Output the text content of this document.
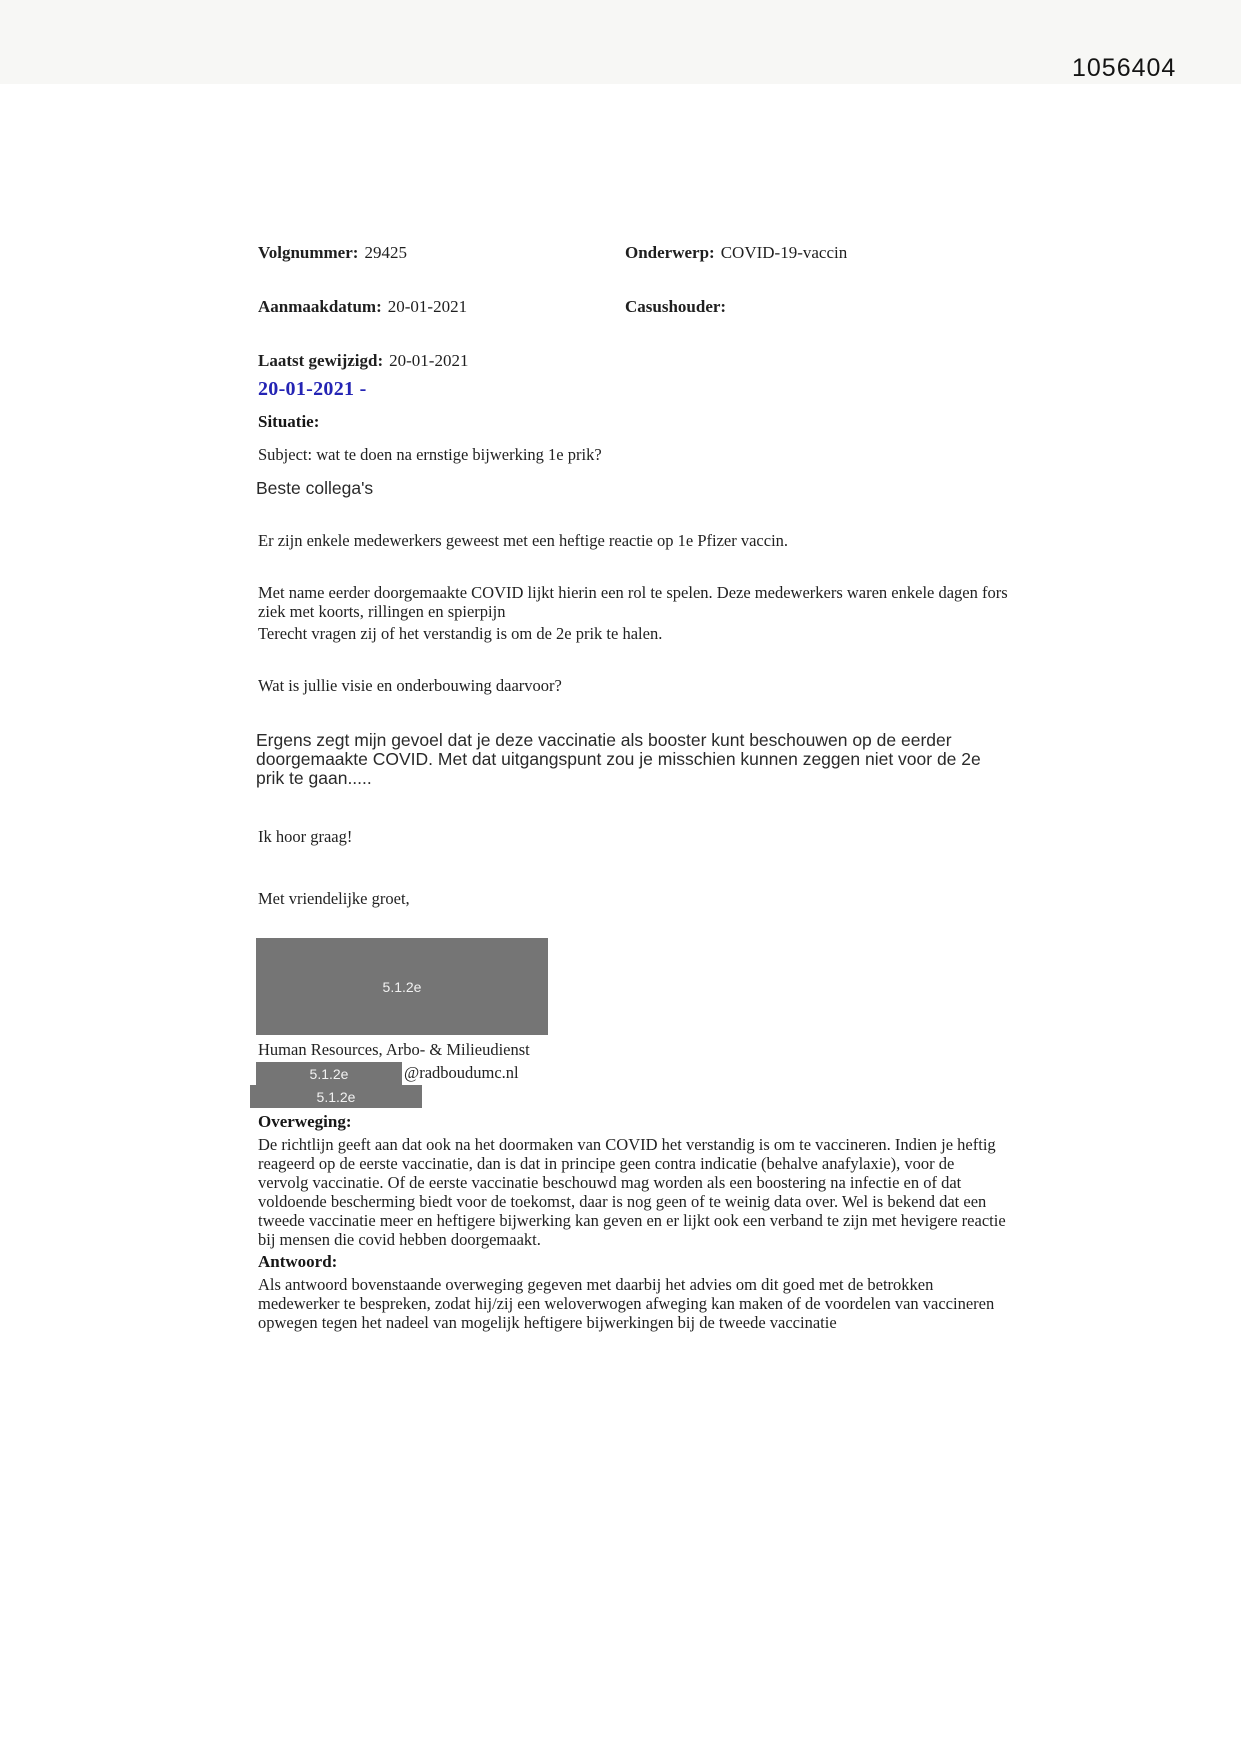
1056404
Volgnummer: 29425	Onderwerp: COVID-19-vaccin
Aanmaakdatum: 20-01-2021	Casushouder:
Laatst gewijzigd: 20-01-2021
20-01-2021 -
Situatie:
Subject: wat te doen na ernstige bijwerking 1e prik?
Beste collega's
Er zijn enkele medewerkers geweest met een heftige reactie op 1e Pfizer vaccin.
Met name eerder doorgemaakte COVID lijkt hierin een rol te spelen. Deze medewerkers waren enkele dagen fors ziek met koorts, rillingen en spierpijn
Terecht vragen zij of het verstandig is om de 2e prik te halen.
Wat is jullie visie en onderbouwing daarvoor?
Ergens zegt mijn gevoel dat je deze vaccinatie als booster kunt beschouwen op de eerder doorgemaakte COVID. Met dat uitgangspunt zou je misschien kunnen zeggen niet voor de 2e prik te gaan.....
Ik hoor graag!
Met vriendelijke groet,
5.1.2e
Human Resources, Arbo- & Milieudienst
5.1.2e	@radboudumc.nl
5.1.2e
Overweging:
De richtlijn geeft aan dat ook na het doormaken van COVID het verstandig is om te vaccineren. Indien je heftig reageerd op de eerste vaccinatie, dan is dat in principe geen contra indicatie (behalve anafylaxie), voor de vervolg vaccinatie. Of de eerste vaccinatie beschouwd mag worden als een boostering na infectie en of dat voldoende bescherming biedt voor de toekomst, daar is nog geen of te weinig data over. Wel is bekend dat een tweede vaccinatie meer en heftigere bijwerking kan geven en er lijkt ook een verband te zijn met hevigere reactie bij mensen die covid hebben doorgemaakt.
Antwoord:
Als antwoord bovenstaande overweging gegeven met daarbij het advies om dit goed met de betrokken medewerker te bespreken, zodat hij/zij een weloverwogen afweging kan maken of de voordelen van vaccineren opwegen tegen het nadeel van mogelijk heftigere bijwerkingen bij de tweede vaccinatie
